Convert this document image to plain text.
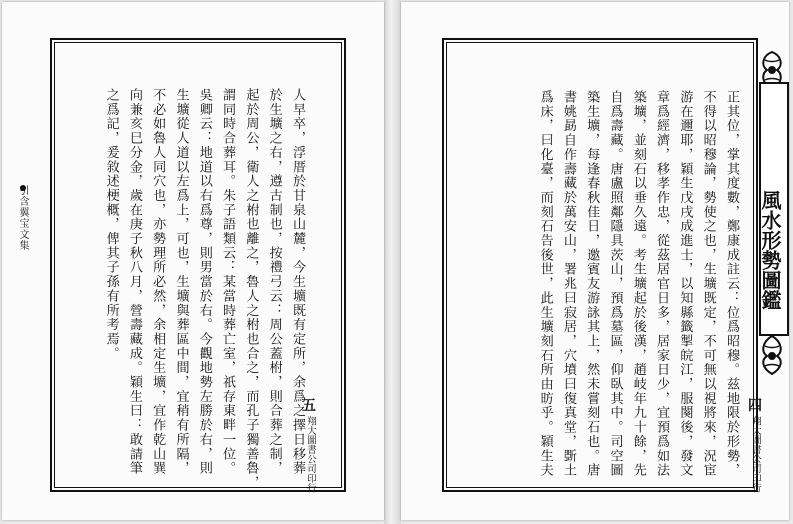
人早卒，浮厝於甘泉山麓，今生壙既有定所，余爲之擇日移葬
於生壙之右，遵古制也，按禮弓云：周公蓋柎，則合葬之制，
起於周公，衛人之柎也離之，魯人之柎也合之，而孔子獨善魯，
謂同時合葬耳。朱子語類云：某當時葬亡室，祇存東畔一位。
吳卿云：地道以右爲尊，則男當於右。今觀地勢左勝於右，則
生壙從人道以左爲上，可也，生壙與葬區中間，宜稍有所隔，
不必如魯人同穴也，亦勢理所必然，余相定生壙，宜作乾山巽
向兼亥巳分金，歲在庚子秋八月，營壽藏成。穎生曰：敢請筆
之爲記，爰敘述梗概，俾其子孫有所考焉。
引含翼宝文集
五
翔大圖書公司印行	正其位，掌其度數，鄭康成註云：位爲昭穆。兹地限於形勢，
不得以昭穆論，勢使之也，生壙既定，不可無以視將來，況宦
游在邇耶，穎生戊戌成進士，以知縣籤掣皖江，服闋後，發文
章爲經濟，移孝作忠，從茲居官日多，居家日少，宜預爲如法
築壙，並刻石以垂久遠。考生壙起於後漢，趙岐年九十餘，先
自爲壽藏。唐盧照鄰隱具茨山，預爲墓區，仰臥其中。司空圖
築生壙，每逢春秋佳日，邀賓友游詠其上，然未嘗刻石也。唐
書姚勗自作壽藏於萬安山，署兆曰寂居，穴墳曰復真堂，斲土
爲床，曰化臺，而刻石告後世，此生壙刻石所由昉乎。穎生夫	四
翔大圖書公司印行
風水形勢圖鑑
